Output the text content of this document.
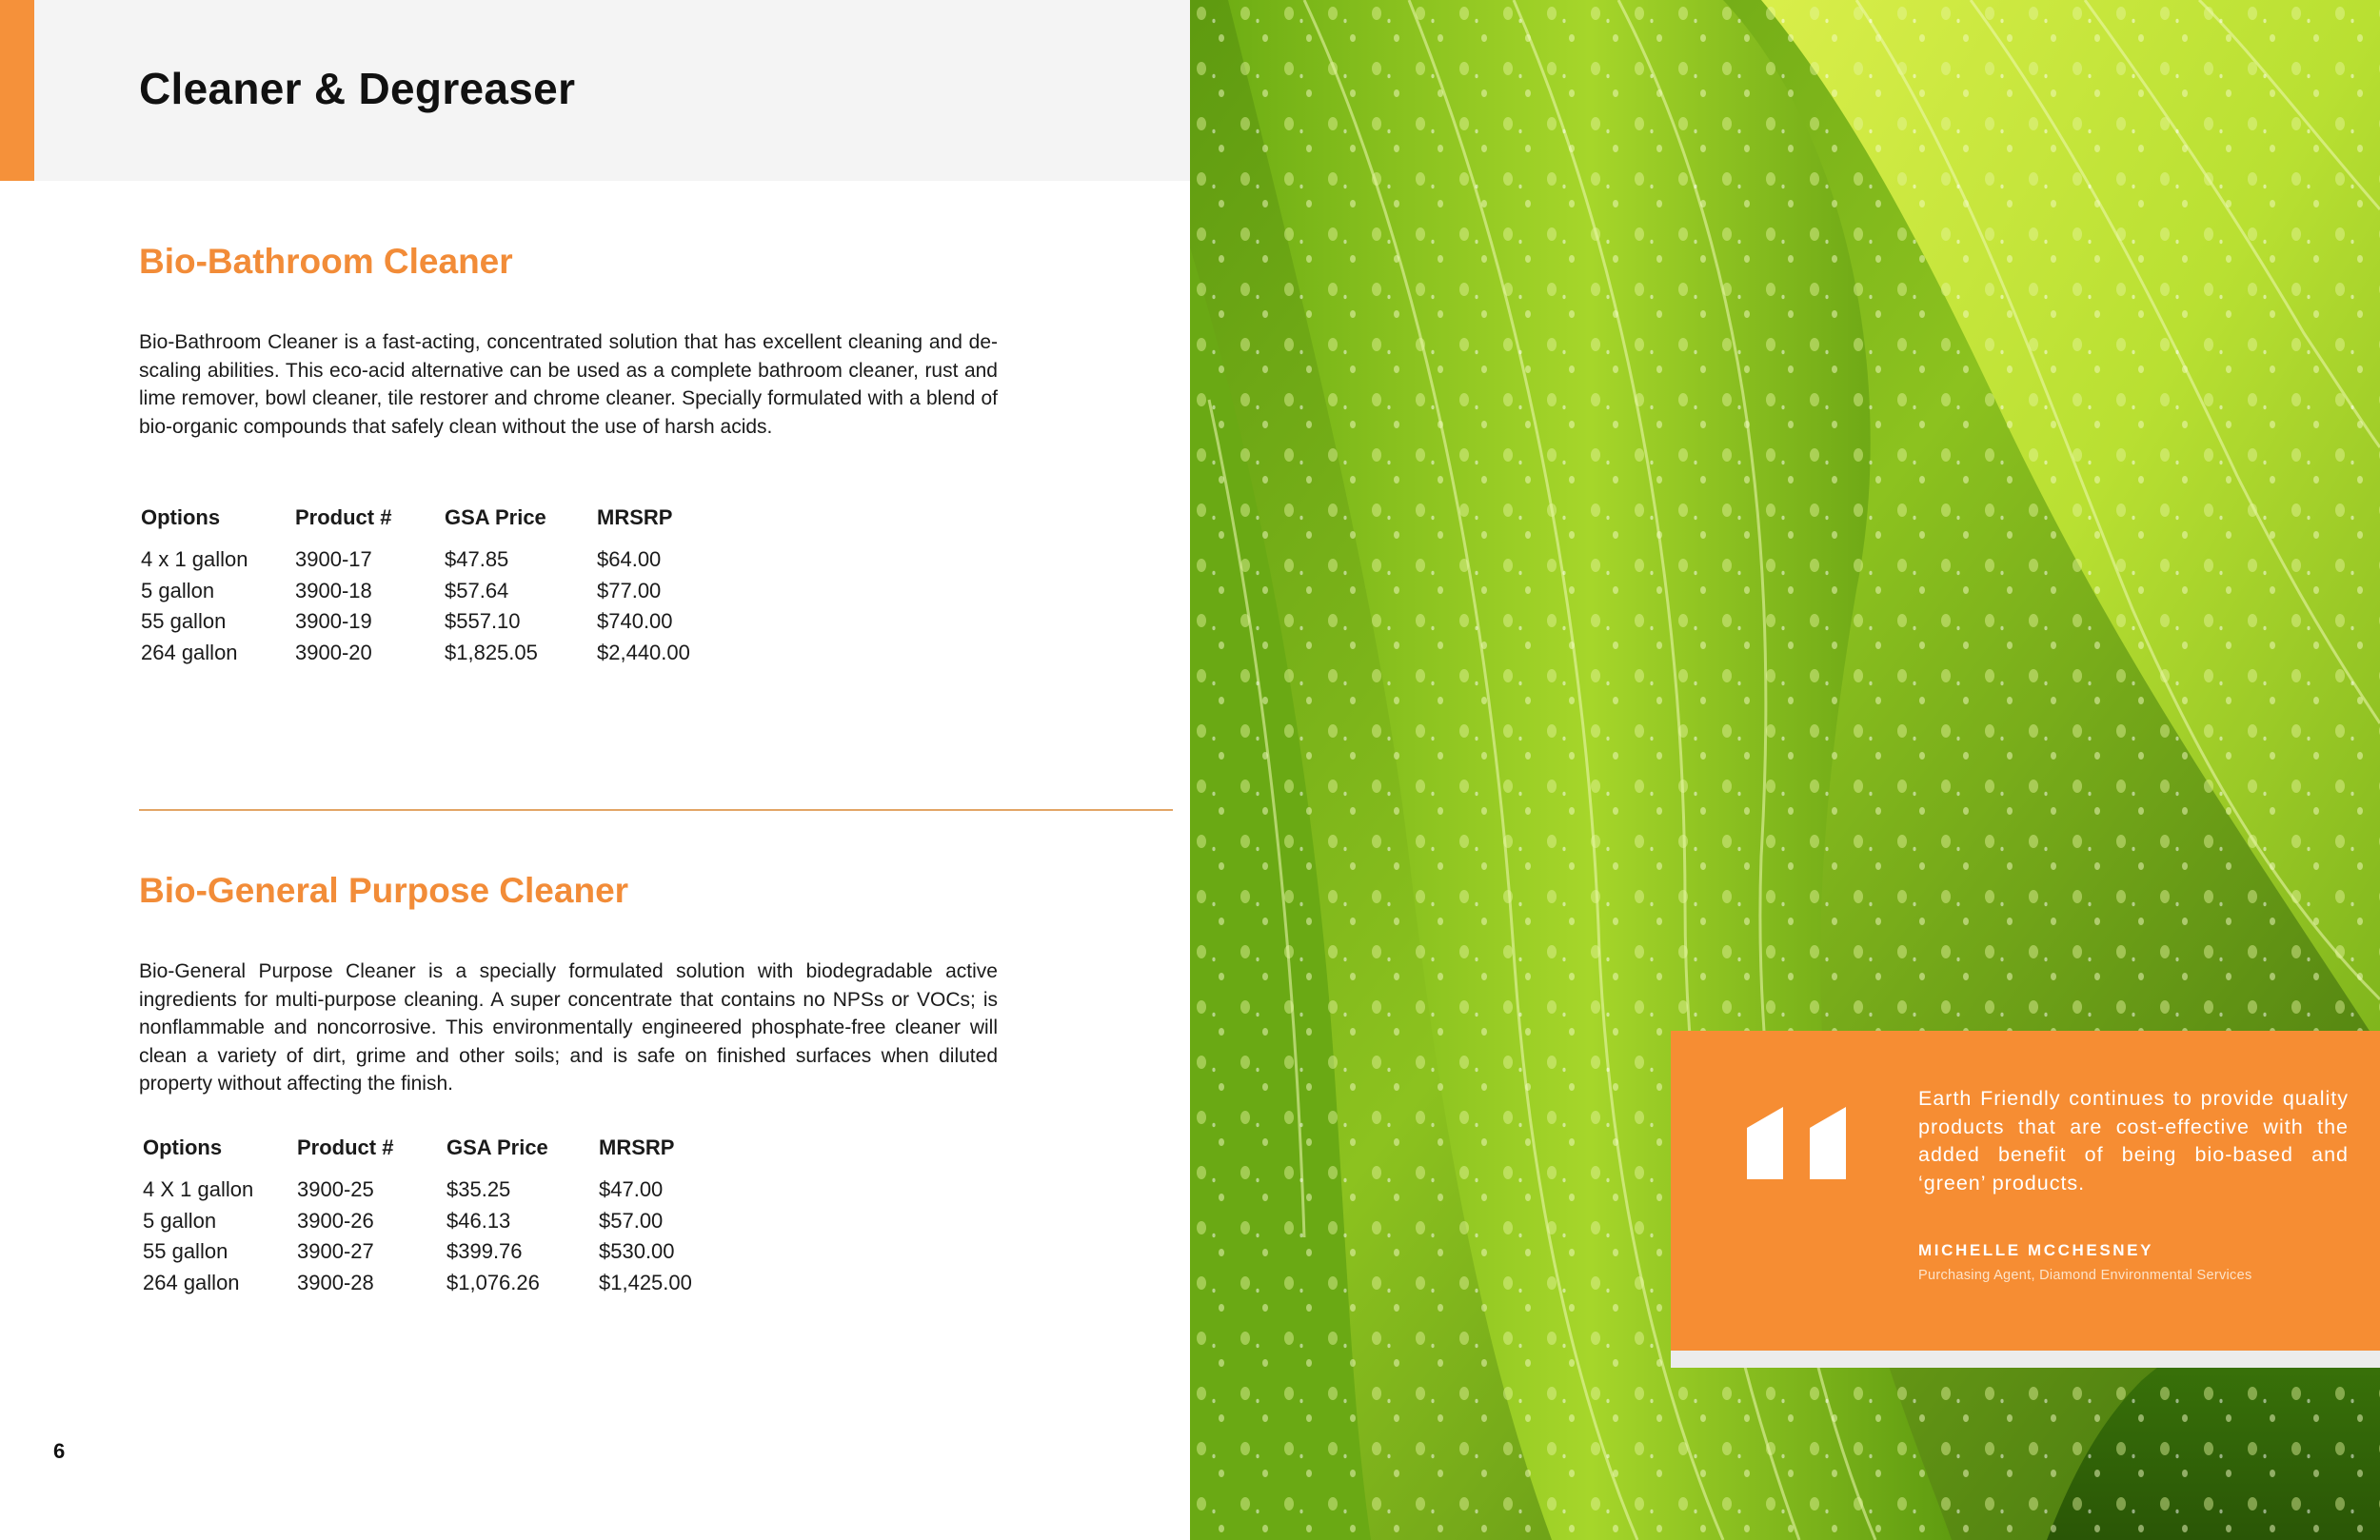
Cleaner & Degreaser
Bio-Bathroom Cleaner

Bio-Bathroom Cleaner is a fast-acting, concentrated solution that has excellent cleaning and de-scaling abilities. This eco-acid alternative can be used as a complete bathroom cleaner, rust and lime remover, bowl cleaner, tile restorer and chrome cleaner. Specially formulated with a blend of bio-organic compounds that safely clean without the use of harsh acids.

Options	Product #	GSA Price	MRSRP
4 x 1 gallon	3900-17	$47.85	$64.00
5 gallon	3900-18	$57.64	$77.00
55 gallon	3900-19	$557.10	$740.00
264 gallon	3900-20	$1,825.05	$2,440.00
Bio-General Purpose Cleaner

Bio-General Purpose Cleaner is a specially formulated solution with biodegradable active ingredients for multi-purpose cleaning. A super concentrate that contains no NPSs or VOCs; is nonflammable and noncorrosive. This environmentally engineered phosphate-free cleaner will clean a variety of dirt, grime and other soils; and is safe on finished surfaces when diluted property without affecting the finish.

Options	Product #	GSA Price	MRSRP
4 X 1 gallon	3900-25	$35.25	$47.00
5 gallon	3900-26	$46.13	$57.00
55 gallon	3900-27	$399.76	$530.00
264 gallon	3900-28	$1,076.26	$1,425.00
6

Earth Friendly continues to provide quality products that are cost-effective with the added benefit of being bio-based and ‘green’ products.

MICHELLE MCCHESNEY

Purchasing Agent, Diamond Environmental Services
